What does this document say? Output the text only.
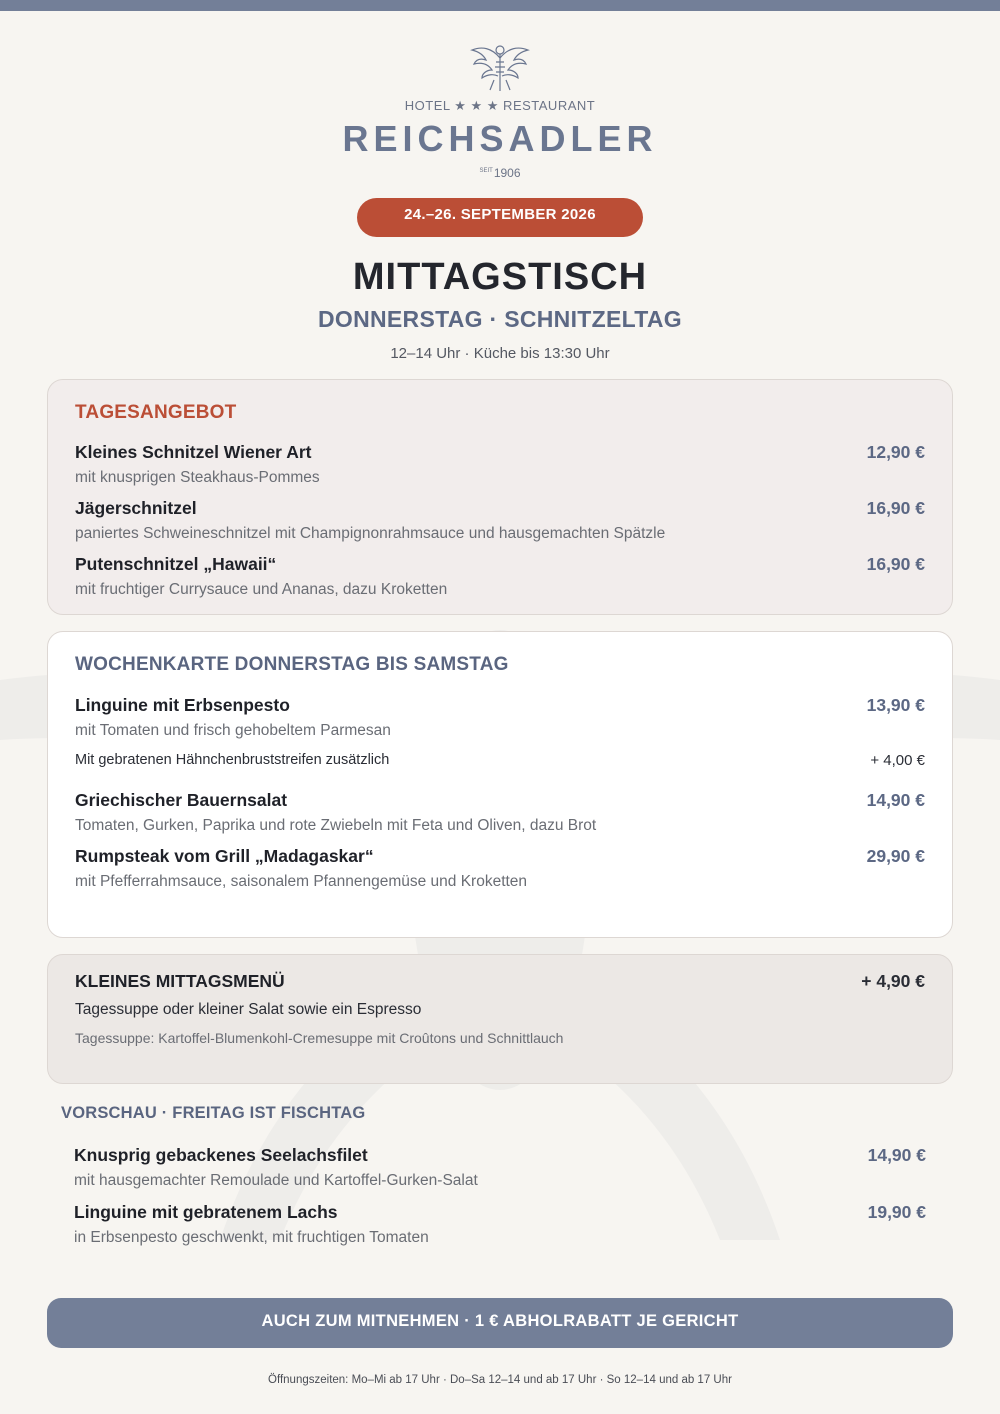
HOTEL ★ ★ ★ RESTAURANT
REICHSADLER
$^{SEIT}$1906
24.–26. SEPTEMBER 2026
MITTAGSTISCH
DONNERSTAG · SCHNITZELTAG
12–14 Uhr · Küche bis 13:30 Uhr
TAGESANGEBOT
Kleines Schnitzel Wiener Art	12,90 €
mit knusprigen Steakhaus-Pommes
Jägerschnitzel	16,90 €
paniertes Schweineschnitzel mit Champignonrahmsauce und hausgemachten Spätzle
Putenschnitzel „Hawaii“	16,90 €
mit fruchtiger Currysauce und Ananas, dazu Kroketten
WOCHENKARTE DONNERSTAG BIS SAMSTAG
Linguine mit Erbsenpesto	13,90 €
mit Tomaten und frisch gehobeltem Parmesan
Mit gebratenen Hähnchenbruststreifen zusätzlich	+ 4,00 €
Griechischer Bauernsalat	14,90 €
Tomaten, Gurken, Paprika und rote Zwiebeln mit Feta und Oliven, dazu Brot
Rumpsteak vom Grill „Madagaskar“	29,90 €
mit Pfefferrahmsauce, saisonalem Pfannengemüse und Kroketten
KLEINES MITTAGSMENÜ	+ 4,90 €
Tagessuppe oder kleiner Salat sowie ein Espresso
Tagessuppe: Kartoffel-Blumenkohl-Cremesuppe mit Croûtons und Schnittlauch
VORSCHAU · FREITAG IST FISCHTAG
Knusprig gebackenes Seelachsfilet	14,90 €
mit hausgemachter Remoulade und Kartoffel-Gurken-Salat
Linguine mit gebratenem Lachs	19,90 €
in Erbsenpesto geschwenkt, mit fruchtigen Tomaten
AUCH ZUM MITNEHMEN · 1 € ABHOLRABATT JE GERICHT
Öffnungszeiten: Mo–Mi ab 17 Uhr · Do–Sa 12–14 und ab 17 Uhr · So 12–14 und ab 17 Uhr
